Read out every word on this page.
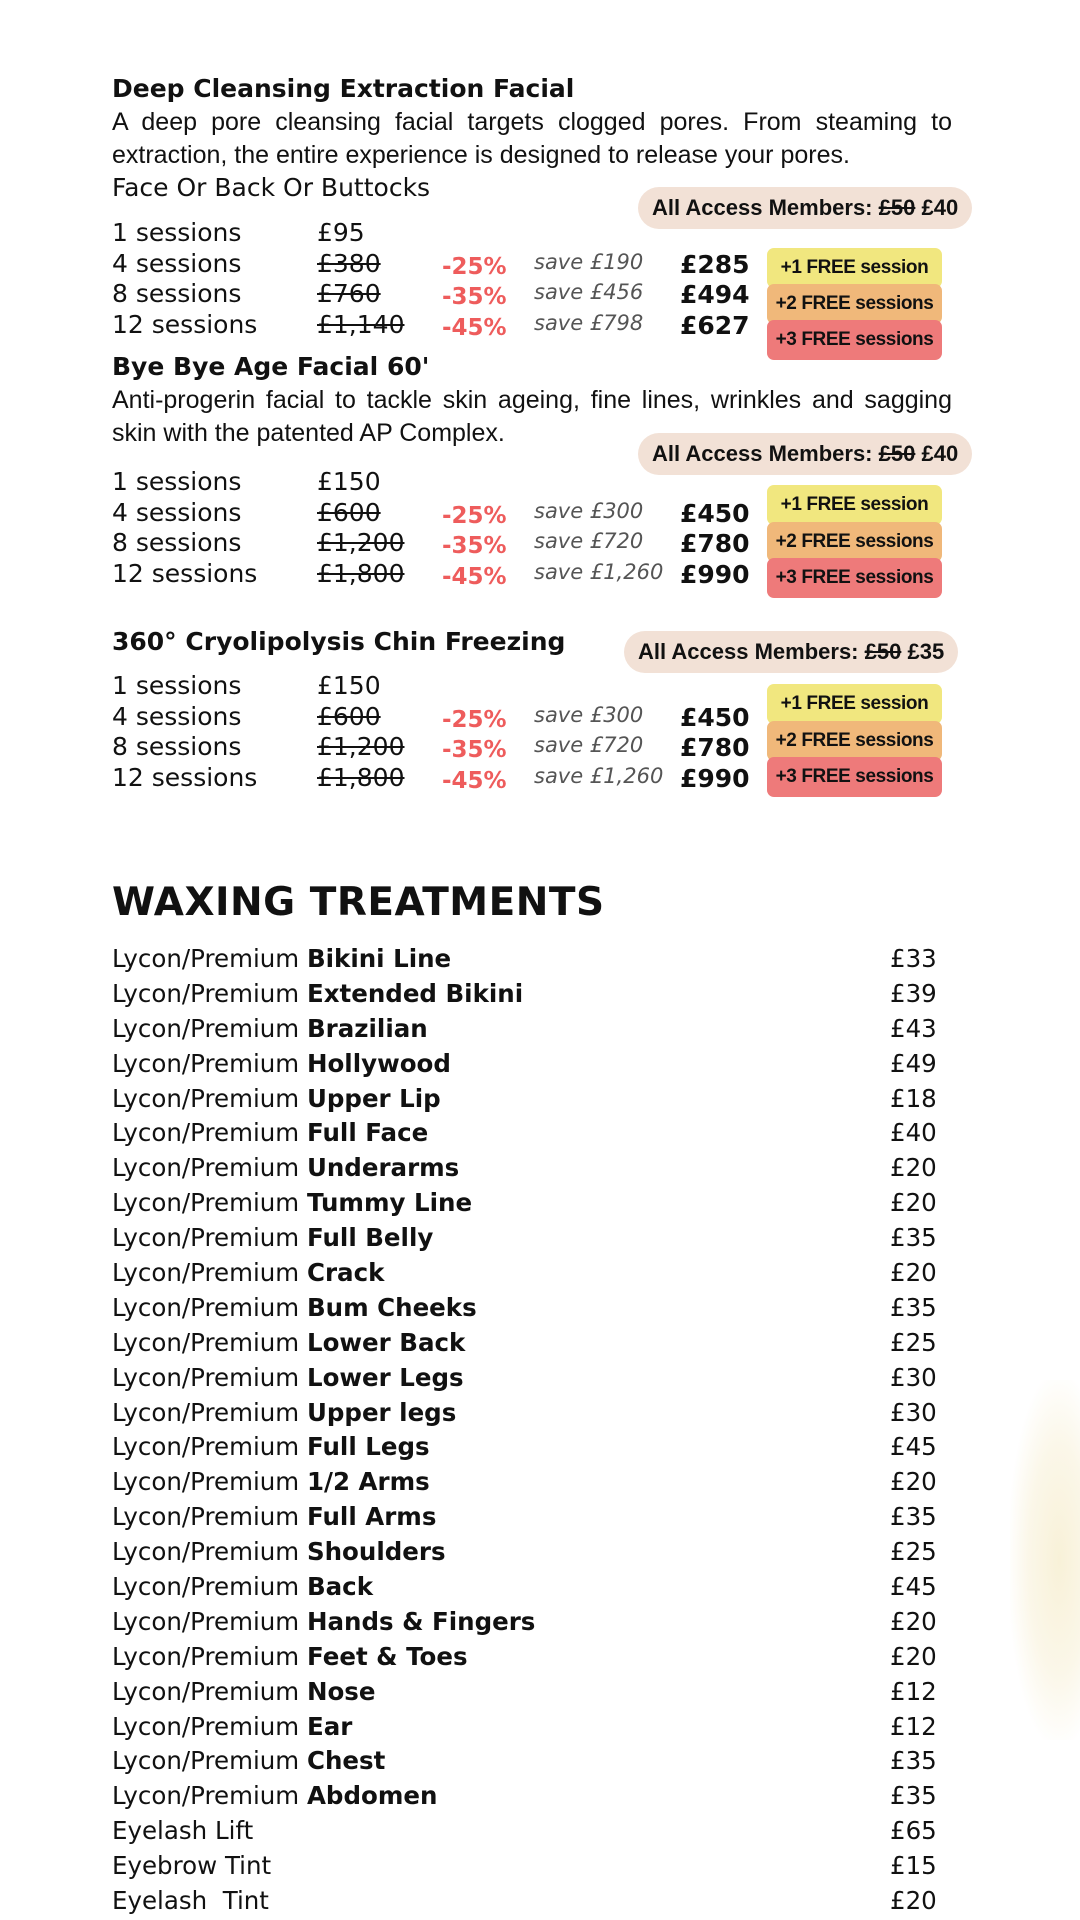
Deep Cleansing Extraction Facial
A deep pore cleansing facial targets clogged pores. From steaming to extraction, the entire experience is designed to release your pores.
Face Or Back Or Buttocks
All Access Members: £50 £40
1 sessions	£95
4 sessions	£380	-25% save £190 £285
8 sessions	£760	-35% save £456 £494
12 sessions £1,140 -45% save £798 £627
+1 FREE session
+2 FREE sessions
+3 FREE sessions
Bye Bye Age Facial 60'
Anti-progerin facial to tackle skin ageing, fine lines, wrinkles and sagging skin with the patented AP Complex.
All Access Members: £50 £40
1 sessions	£150
4 sessions	£600	-25% save £300 £450
8 sessions	£1,200 -35% save £720 £780
12 sessions £1,800 -45% save £1,260 £990
+1 FREE session
+2 FREE sessions
+3 FREE sessions
360° Cryolipolysis Chin Freezing	All Access Members: £50 £35
1 sessions	£150
4 sessions	£600	-25% save £300 £450
8 sessions	£1,200 -35% save £720 £780
12 sessions £1,800 -45% save £1,260 £990
+1 FREE session
+2 FREE sessions
+3 FREE sessions
WAXING TREATMENTS
Lycon/Premium Bikini Line	£33
Lycon/Premium Extended Bikini	£39
Lycon/Premium Brazilian	£43
Lycon/Premium Hollywood	£49
Lycon/Premium Upper Lip	£18
Lycon/Premium Full Face	£40
Lycon/Premium Underarms	£20
Lycon/Premium Tummy Line	£20
Lycon/Premium Full Belly	£35
Lycon/Premium Crack	£20
Lycon/Premium Bum Cheeks	£35
Lycon/Premium Lower Back	£25
Lycon/Premium Lower Legs	£30
Lycon/Premium Upper legs	£30
Lycon/Premium Full Legs	£45
Lycon/Premium 1/2 Arms	£20
Lycon/Premium Full Arms	£35
Lycon/Premium Shoulders	£25
Lycon/Premium Back	£45
Lycon/Premium Hands & Fingers	£20
Lycon/Premium Feet & Toes	£20
Lycon/Premium Nose	£12
Lycon/Premium Ear	£12
Lycon/Premium Chest	£35
Lycon/Premium Abdomen	£35
Eyelash Lift	£65
Eyebrow Tint	£15
Eyelash  Tint	£20
